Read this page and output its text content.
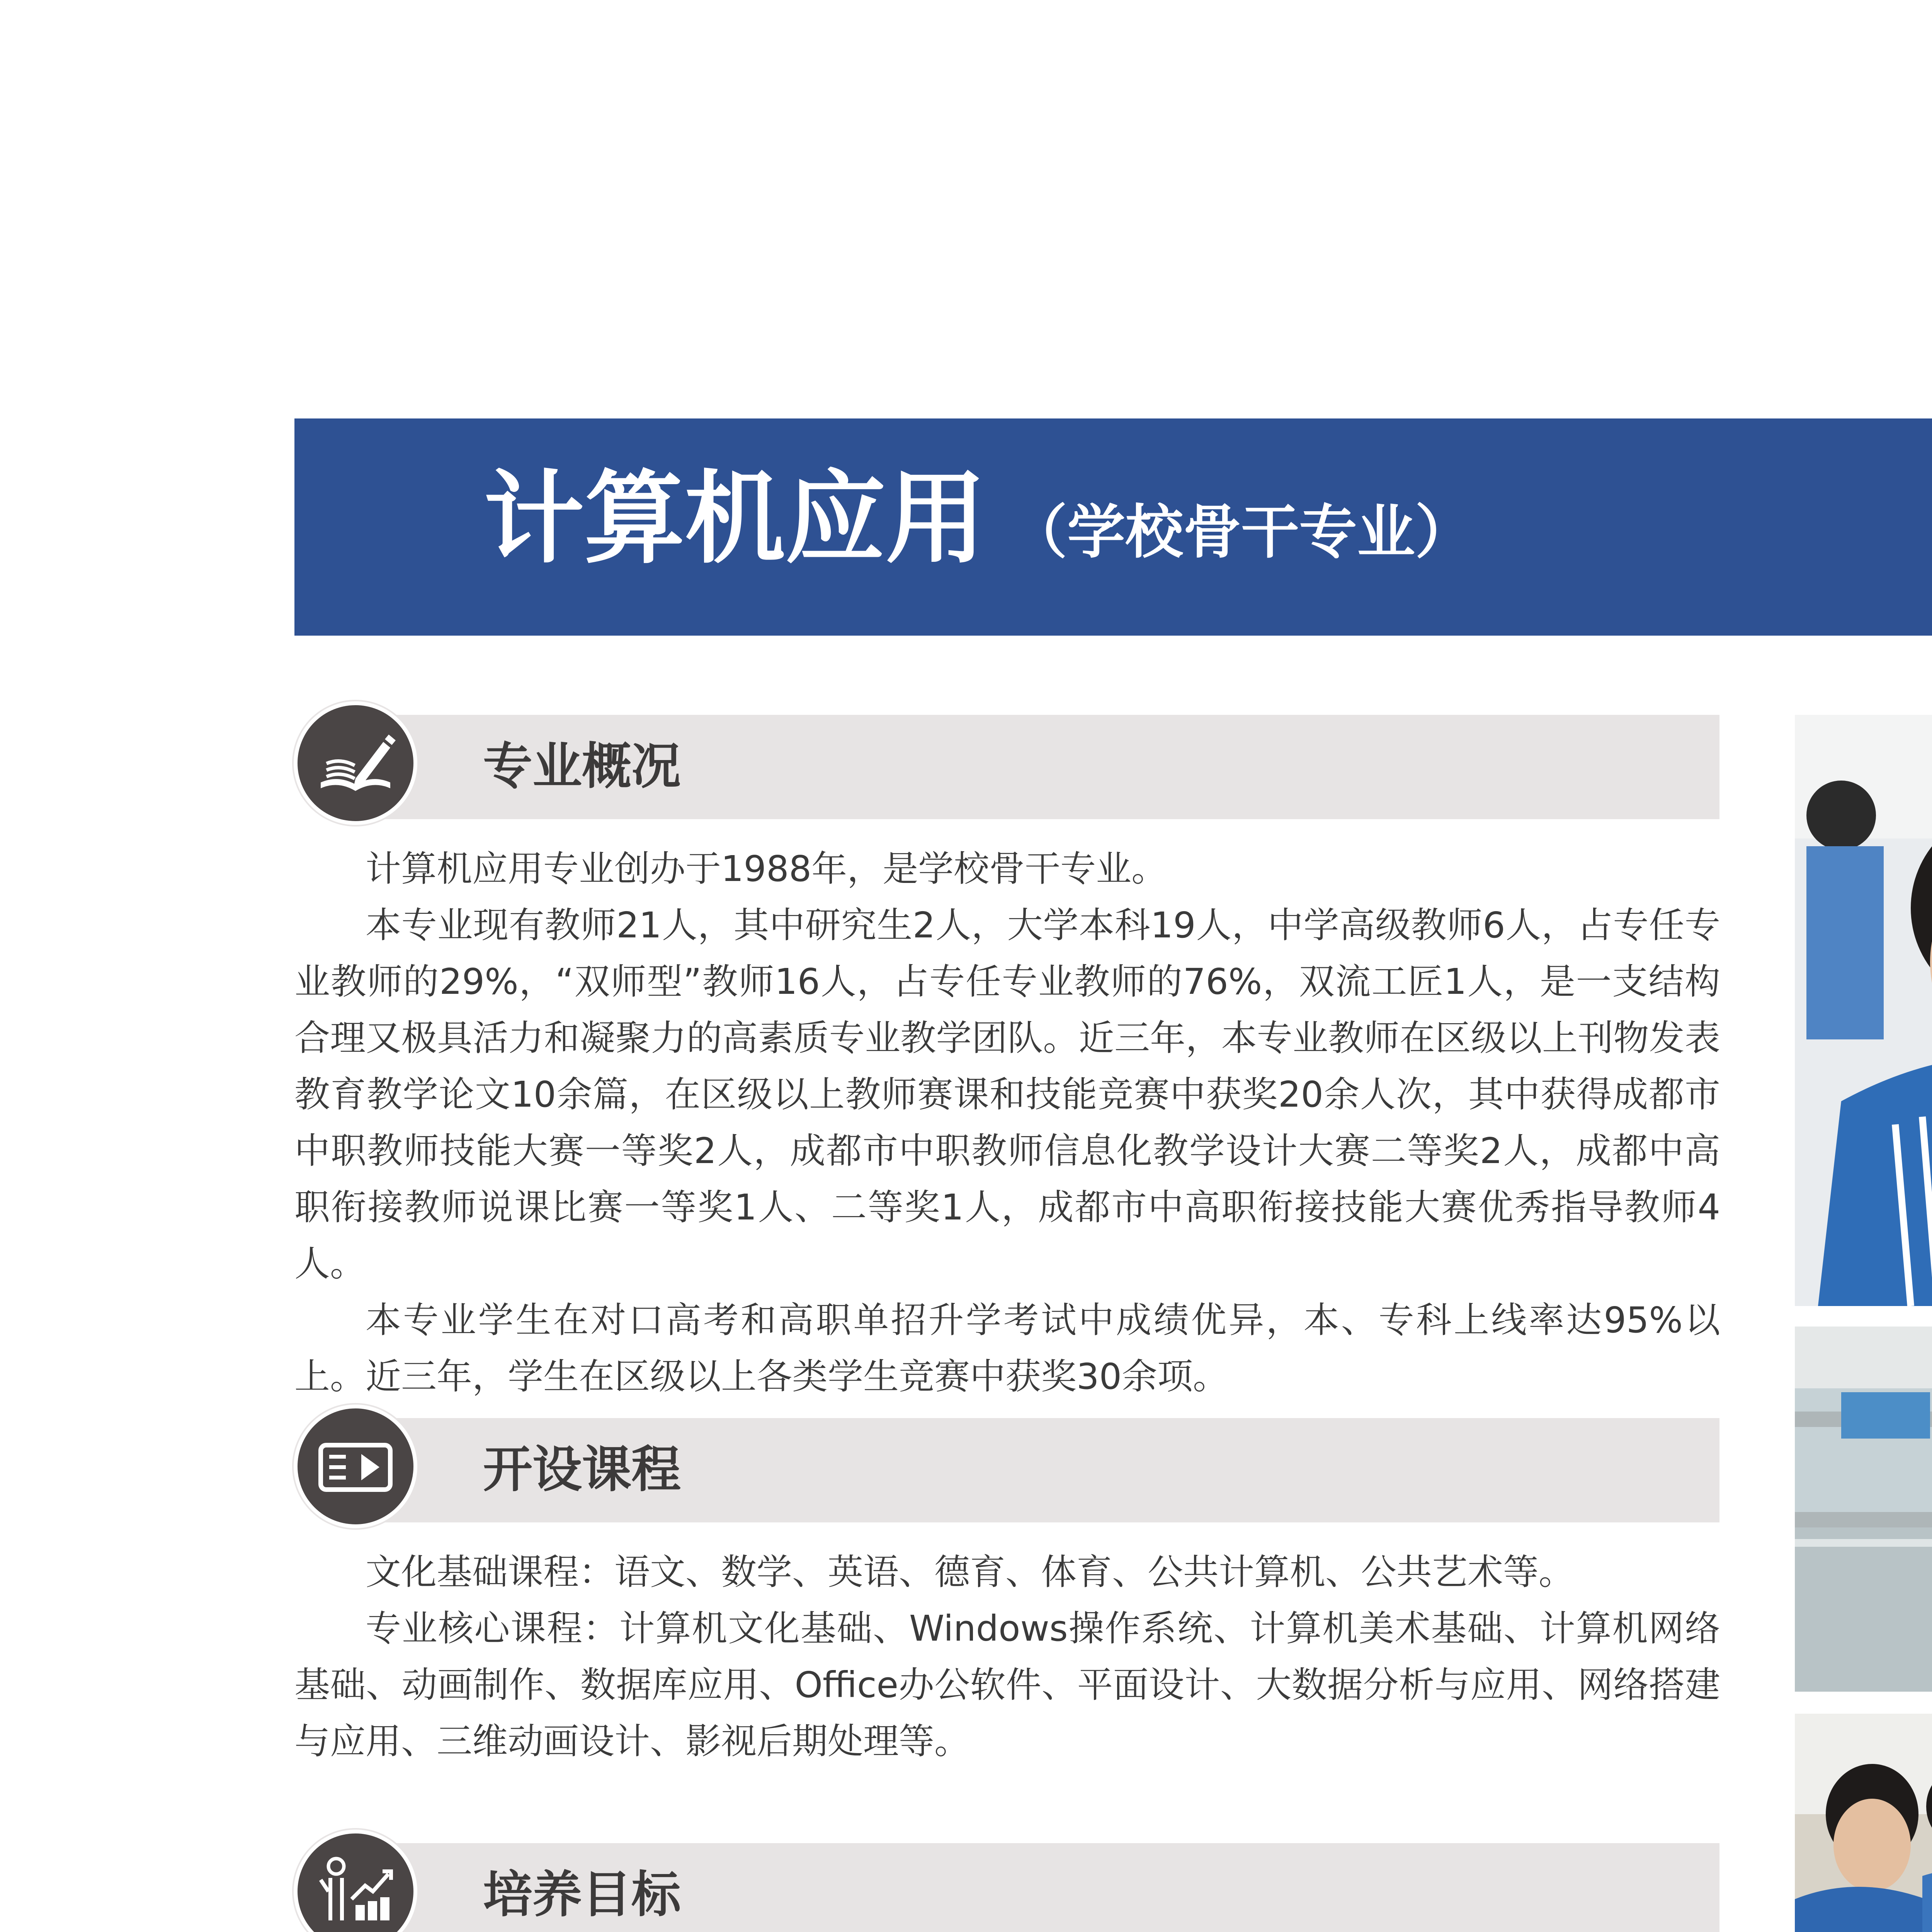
计算机应用 （学校骨干专业）
专业概况

计算机应用专业创办于1988年，是学校骨干专业。

本专业现有教师21人，其中研究生2人，大学本科19人，中学高级教师6人，占专任专业教师的29%，“双师型”教师16人，占专任专业教师的76%，双流工匠1人，是一支结构合理又极具活力和凝聚力的高素质专业教学团队。近三年，本专业教师在区级以上刊物发表教育教学论文10余篇，在区级以上教师赛课和技能竞赛中获奖20余人次，其中获得成都市中职教师技能大赛一等奖2人，成都市中职教师信息化教学设计大赛二等奖2人，成都中高职衔接教师说课比赛一等奖1人、二等奖1人，成都市中高职衔接技能大赛优秀指导教师4人。

本专业学生在对口高考和高职单招升学考试中成绩优异，本、专科上线率达95%以上。近三年，学生在区级以上各类学生竞赛中获奖30余项。

开设课程

文化基础课程：语文、数学、英语、德育、体育、公共计算机、公共艺术等。

专业核心课程：计算机文化基础、Windows操作系统、计算机美术基础、计算机网络基础、动画制作、数据库应用、Office办公软件、平面设计、大数据分析与应用、网络搭建与应用、三维动画设计、影视后期处理等。

培养目标
